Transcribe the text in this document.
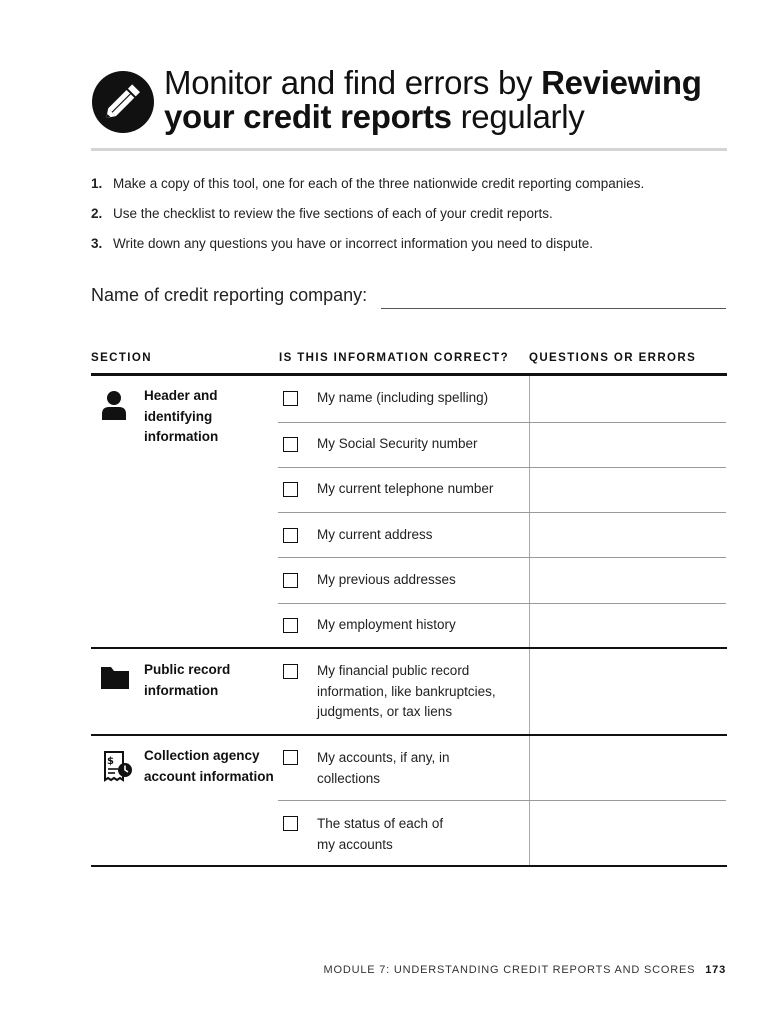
Monitor and find errors by Reviewing
your credit reports regularly
1. Make a copy of this tool, one for each of the three nationwide credit reporting companies.
2. Use the checklist to review the five sections of each of your credit reports.
3. Write down any questions you have or incorrect information you need to dispute.
Name of credit reporting company:
SECTION	IS THIS INFORMATION CORRECT? QUESTIONS OR ERRORS
Header and identifying information
My name (including spelling)
My Social Security number
My current telephone number
My current address
My previous addresses
My employment history
Public record information
My financial public record information, like bankruptcies, judgments, or tax liens
$ Collection agency account information
My accounts, if any, in collections
The status of each of my accounts
MODULE 7: UNDERSTANDING CREDIT REPORTS AND SCORES 173
